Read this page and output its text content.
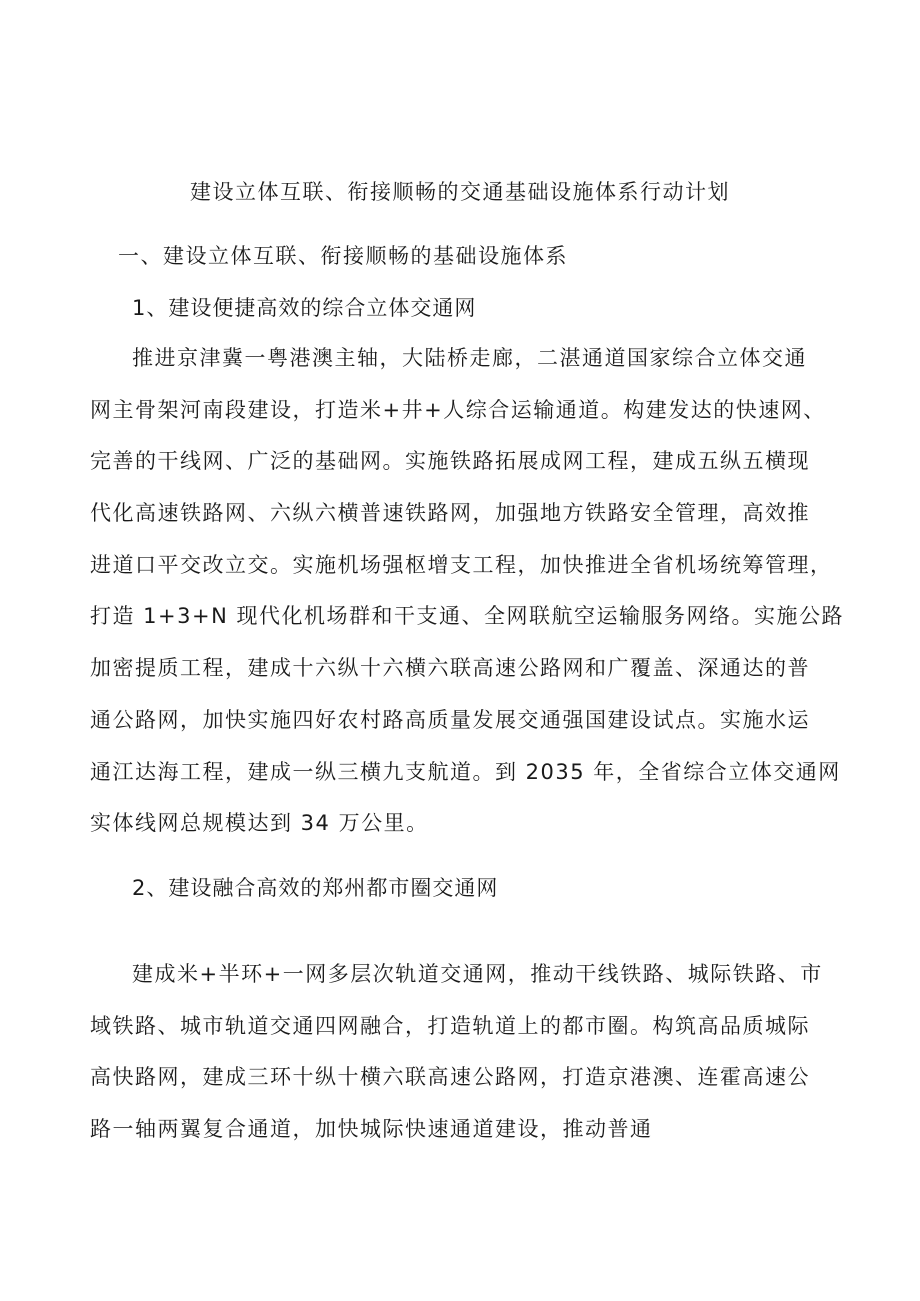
建设立体互联、衔接顺畅的交通基础设施体系行动计划
一、建设立体互联、衔接顺畅的基础设施体系
1、建设便捷高效的综合立体交通网
推进京津冀一粤港澳主轴，大陆桥走廊，二湛通道国家综合立体交通
网主骨架河南段建设，打造米+井+人综合运输通道。构建发达的快速网、
完善的干线网、广泛的基础网。实施铁路拓展成网工程，建成五纵五横现
代化高速铁路网、六纵六横普速铁路网，加强地方铁路安全管理，高效推
进道口平交改立交。实施机场强枢增支工程，加快推进全省机场统筹管理，
打造 1+3+N 现代化机场群和干支通、全网联航空运输服务网络。实施公路
加密提质工程，建成十六纵十六横六联高速公路网和广覆盖、深通达的普
通公路网，加快实施四好农村路高质量发展交通强国建设试点。实施水运
通江达海工程，建成一纵三横九支航道。到 2035 年，全省综合立体交通网
实体线网总规模达到 34 万公里。
2、建设融合高效的郑州都市圈交通网
建成米+半环+一网多层次轨道交通网，推动干线铁路、城际铁路、市
域铁路、城市轨道交通四网融合，打造轨道上的都市圈。构筑高品质城际
高快路网，建成三环十纵十横六联高速公路网，打造京港澳、连霍高速公
路一轴两翼复合通道，加快城际快速通道建设，推动普通
